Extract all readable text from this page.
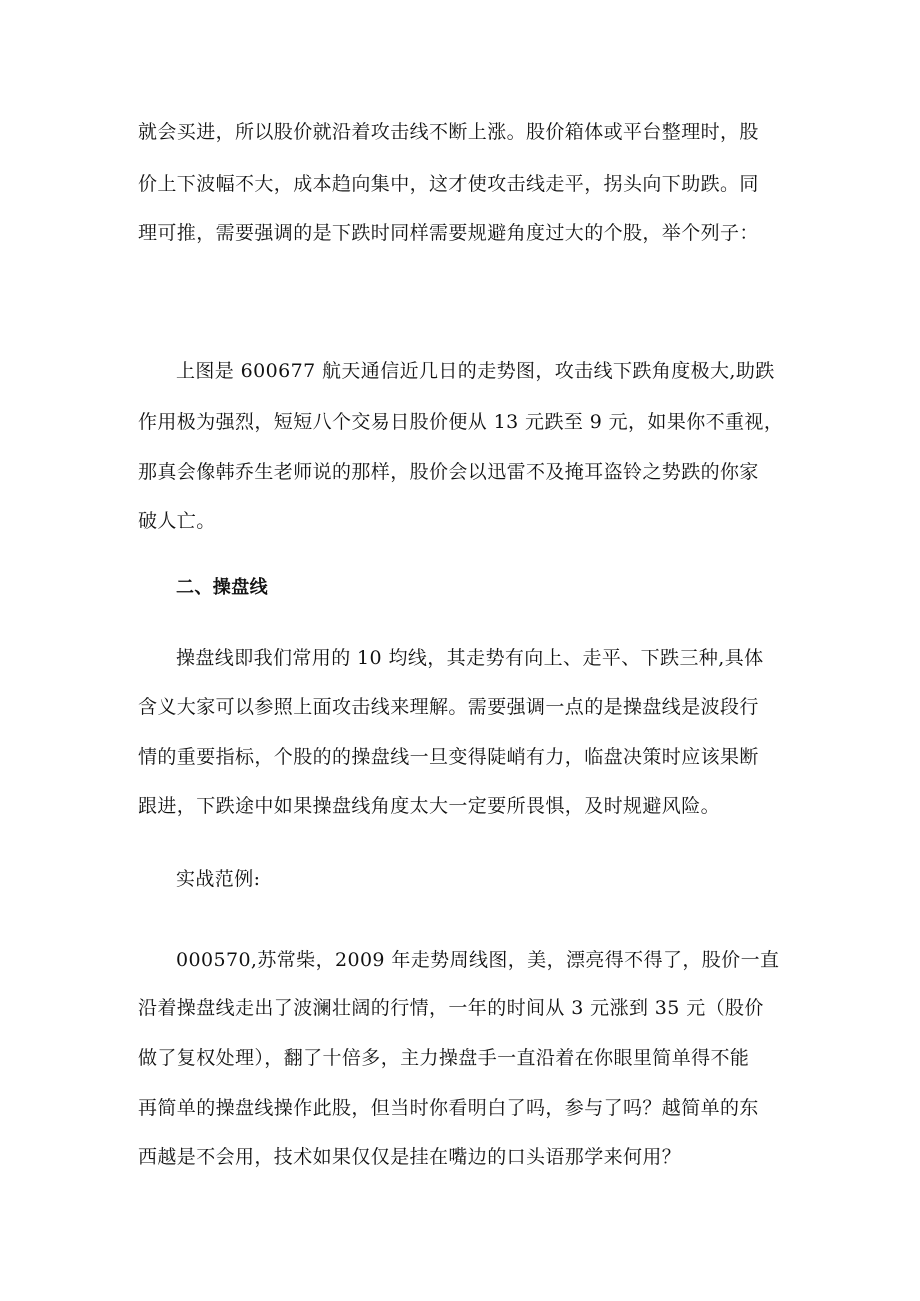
就会买进，所以股价就沿着攻击线不断上涨。股价箱体或平台整理时，股
价上下波幅不大，成本趋向集中，这才使攻击线走平，拐头向下助跌。同
理可推，需要强调的是下跌时同样需要规避角度过大的个股，举个列子：
上图是 600677 航天通信近几日的走势图，攻击线下跌角度极大,助跌
作用极为强烈，短短八个交易日股价便从 13 元跌至 9 元，如果你不重视，
那真会像韩乔生老师说的那样，股价会以迅雷不及掩耳盗铃之势跌的你家
破人亡。
二、操盘线
操盘线即我们常用的 10 均线，其走势有向上、走平、下跌三种,具体
含义大家可以参照上面攻击线来理解。需要强调一点的是操盘线是波段行
情的重要指标，个股的的操盘线一旦变得陡峭有力，临盘决策时应该果断
跟进，下跌途中如果操盘线角度太大一定要所畏惧，及时规避风险。
实战范例:
000570,苏常柴，2009 年走势周线图，美，漂亮得不得了，股价一直
沿着操盘线走出了波澜壮阔的行情，一年的时间从 3 元涨到 35 元（股价
做了复权处理），翻了十倍多，主力操盘手一直沿着在你眼里简单得不能
再简单的操盘线操作此股，但当时你看明白了吗，参与了吗？越简单的东
西越是不会用，技术如果仅仅是挂在嘴边的口头语那学来何用？
